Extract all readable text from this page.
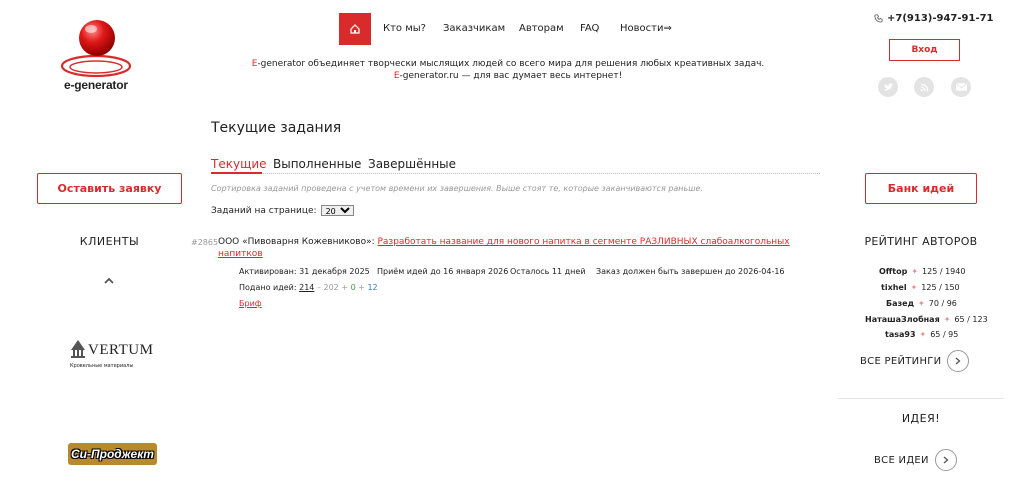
e-generator
Кто мы? Заказчикам Авторам FAQ Новости⇒
E-generator объединяет творчески мыслящих людей со всего мира для решения любых креативных задач.
E-generator.ru — для вас думает весь интернет!
+7(913)-947-91-71
Вход
Текущие задания
Текущие Выполненные Завершённые
Сортировка заданий проведена с учетом времени их завершения. Выше стоят те, которые заканчиваются раньше.
Заданий на странице:
20
#2865 ООО «Пивоварня Кожевниково»: Разработать название для нового напитка в сегменте РАЗЛИВНЫХ слабоалкогольных напитков
Активирован: 31 декабря 2025 Приём идей до 16 января 2026 Осталось 11 дней Заказ должен быть завершен до 2026-04-16
Подано идей: 214 – 202 + 0 + 12
Бриф
Оставить заявку
КЛИЕНТЫ
VERTUM
Кровельные материалы
Си-Проджект
Банк идей
РЕЙТИНГ АВТОРОВ
Offtop ✦ 125 / 1940
tixhel ✦ 125 / 150
Базед ✦ 70 / 96
НаташаЗлобная ✦ 65 / 123
tasa93 ✦ 65 / 95
ВСЕ РЕЙТИНГИ
ИДЕЯ!
ВСЕ ИДЕИ
